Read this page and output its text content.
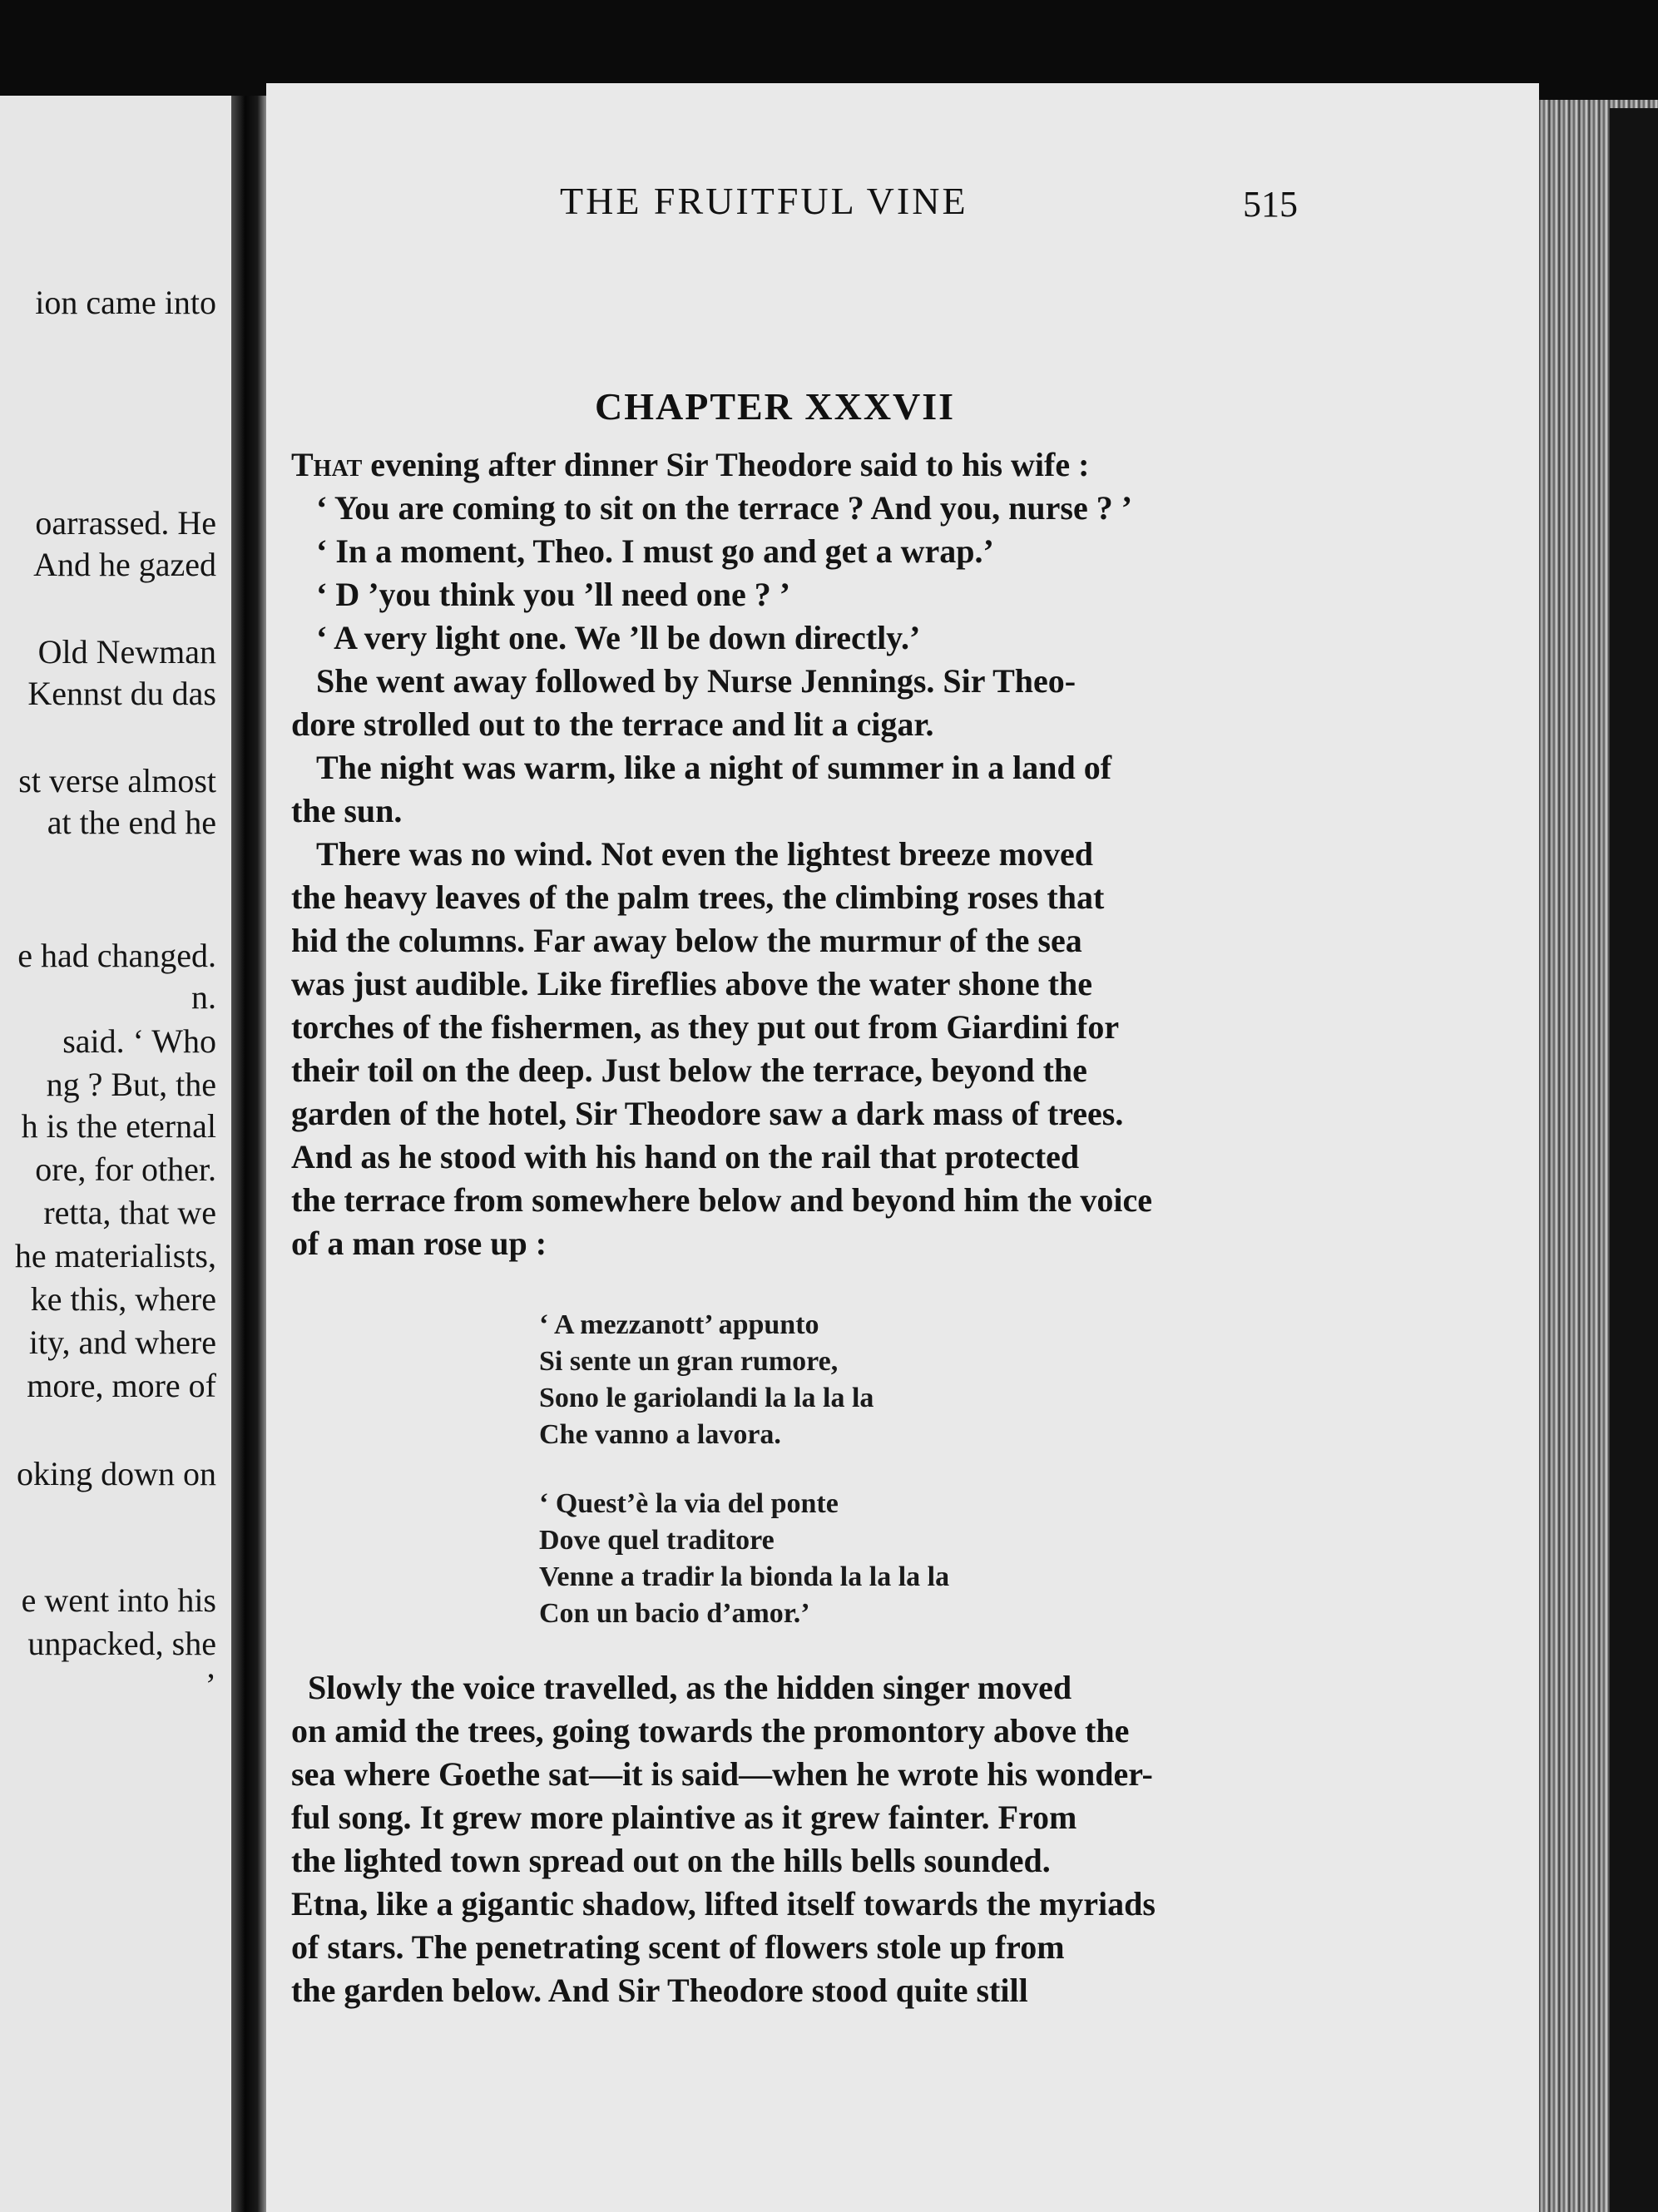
ion came into
oarrassed. He
And he gazed
Old Newman
Kennst du das
st verse almost
at the end he
e had changed.
n.
said. ‘ Who
ng ? But, the
h is the eternal
ore, for other.
retta, that we
he materialists,
ke this, where
ity, and where
more, more of
oking down on
e went into his
unpacked, she
’
THE FRUITFUL VINE	515
CHAPTER XXXVII
That evening after dinner Sir Theodore said to his wife :
‘ You are coming to sit on the terrace ? And you, nurse ? ’
‘ In a moment, Theo. I must go and get a wrap.’
‘ D ’you think you ’ll need one ? ’
‘ A very light one. We ’ll be down directly.’
She went away followed by Nurse Jennings. Sir Theo-
dore strolled out to the terrace and lit a cigar.
The night was warm, like a night of summer in a land of
the sun.
There was no wind. Not even the lightest breeze moved
the heavy leaves of the palm trees, the climbing roses that
hid the columns. Far away below the murmur of the sea
was just audible. Like fireflies above the water shone the
torches of the fishermen, as they put out from Giardini for
their toil on the deep. Just below the terrace, beyond the
garden of the hotel, Sir Theodore saw a dark mass of trees.
And as he stood with his hand on the rail that protected
the terrace from somewhere below and beyond him the voice
of a man rose up :
‘ A mezzanott’ appunto
Si sente un gran rumore,
Sono le gariolandi la la la la
Che vanno a lavora.
‘ Quest’è la via del ponte
Dove quel traditore
Venne a tradir la bionda la la la la
Con un bacio d’amor.’
Slowly the voice travelled, as the hidden singer moved
on amid the trees, going towards the promontory above the
sea where Goethe sat—it is said—when he wrote his wonder-
ful song. It grew more plaintive as it grew fainter. From
the lighted town spread out on the hills bells sounded.
Etna, like a gigantic shadow, lifted itself towards the myriads
of stars. The penetrating scent of flowers stole up from
the garden below. And Sir Theodore stood quite still
